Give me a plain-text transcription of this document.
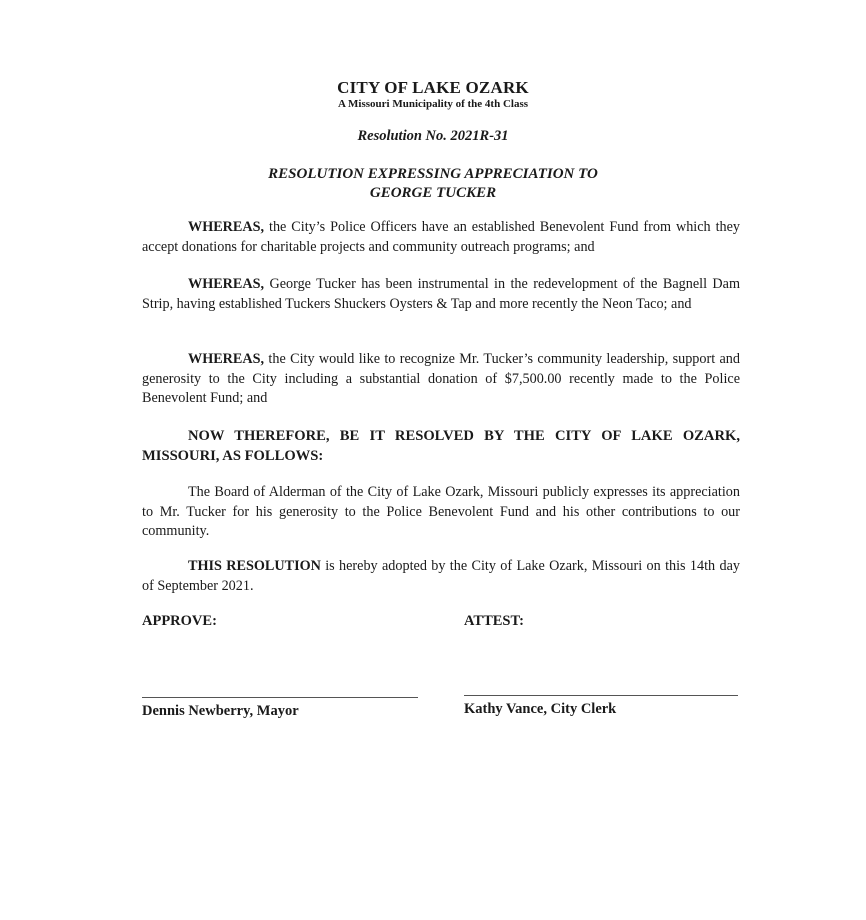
CITY OF LAKE OZARK
A Missouri Municipality of the 4th Class
Resolution No. 2021R-31
RESOLUTION EXPRESSING APPRECIATION TO
GEORGE TUCKER
WHEREAS, the City’s Police Officers have an established Benevolent Fund from which they accept donations for charitable projects and community outreach programs; and
WHEREAS, George Tucker has been instrumental in the redevelopment of the Bagnell Dam Strip, having established Tuckers Shuckers Oysters & Tap and more recently the Neon Taco; and
WHEREAS, the City would like to recognize Mr. Tucker’s community leadership, support and generosity to the City including a substantial donation of $7,500.00 recently made to the Police Benevolent Fund; and
NOW THEREFORE, BE IT RESOLVED BY THE CITY OF LAKE OZARK, MISSOURI, AS FOLLOWS:
The Board of Alderman of the City of Lake Ozark, Missouri publicly expresses its appreciation to Mr. Tucker for his generosity to the Police Benevolent Fund and his other contributions to our community.
THIS RESOLUTION is hereby adopted by the City of Lake Ozark, Missouri on this 14th day of September 2021.
APPROVE:	ATTEST:
Dennis Newberry, Mayor	Kathy Vance, City Clerk
